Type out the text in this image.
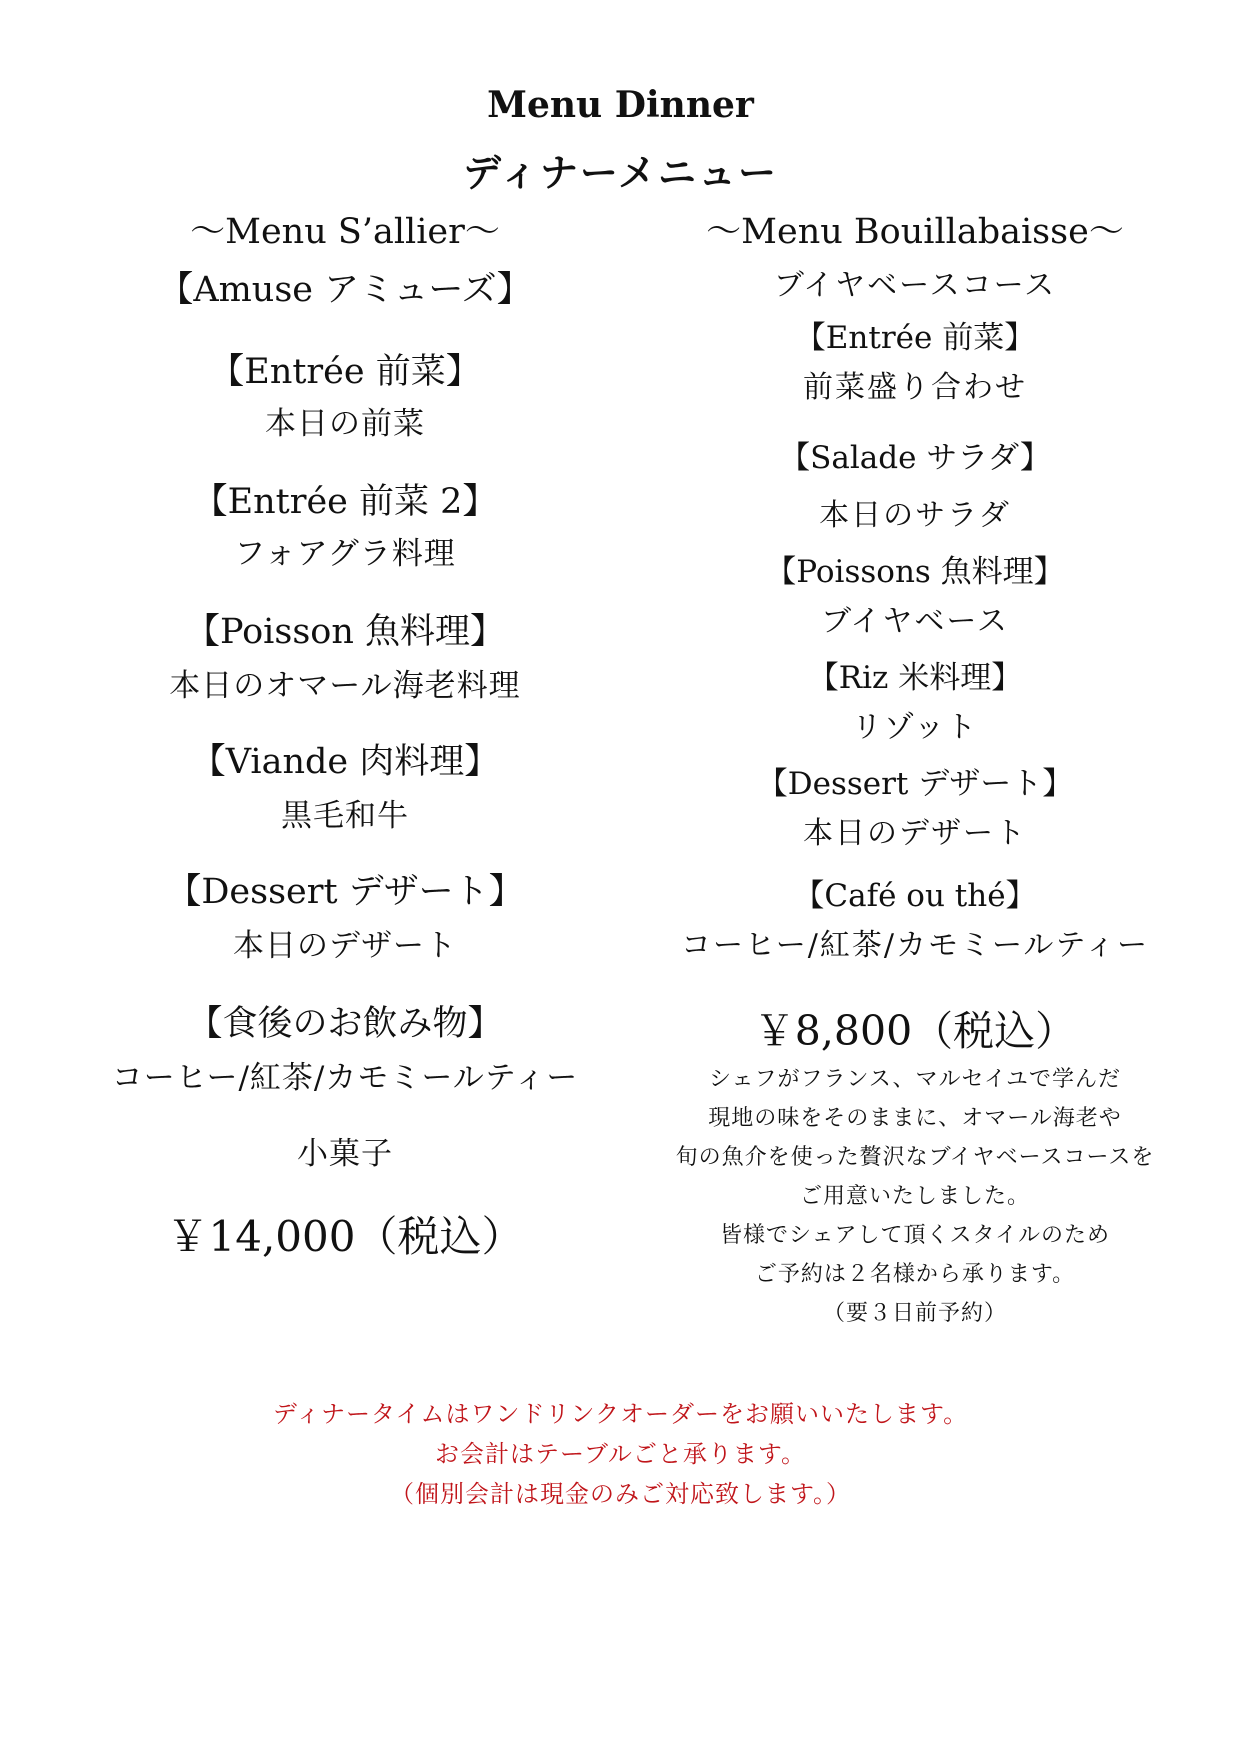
Menu Dinner
ディナーメニュー
〜Menu S’allier〜
【Amuse アミューズ】
【Entrée 前菜】
本日の前菜
【Entrée 前菜 2】
フォアグラ料理
【Poisson 魚料理】
本日のオマール海老料理
【Viande 肉料理】
黒毛和牛
【Dessert デザート】
本日のデザート
【食後のお飲み物】
コーヒー/紅茶/カモミールティー
小菓子
￥14,000（税込）
〜Menu Bouillabaisse〜
ブイヤベースコース
【Entrée 前菜】
前菜盛り合わせ
【Salade サラダ】
本日のサラダ
【Poissons 魚料理】
ブイヤベース
【Riz 米料理】
リゾット
【Dessert デザート】
本日のデザート
【Café ou thé】
コーヒー/紅茶/カモミールティー
￥8,800（税込）
シェフがフランス、マルセイユで学んだ
現地の味をそのままに、オマール海老や
旬の魚介を使った贅沢なブイヤベースコースを
ご用意いたしました。
皆様でシェアして頂くスタイルのため
ご予約は２名様から承ります。
（要３日前予約）
ディナータイムはワンドリンクオーダーをお願いいたします。
お会計はテーブルごと承ります。
（個別会計は現金のみご対応致します。）
